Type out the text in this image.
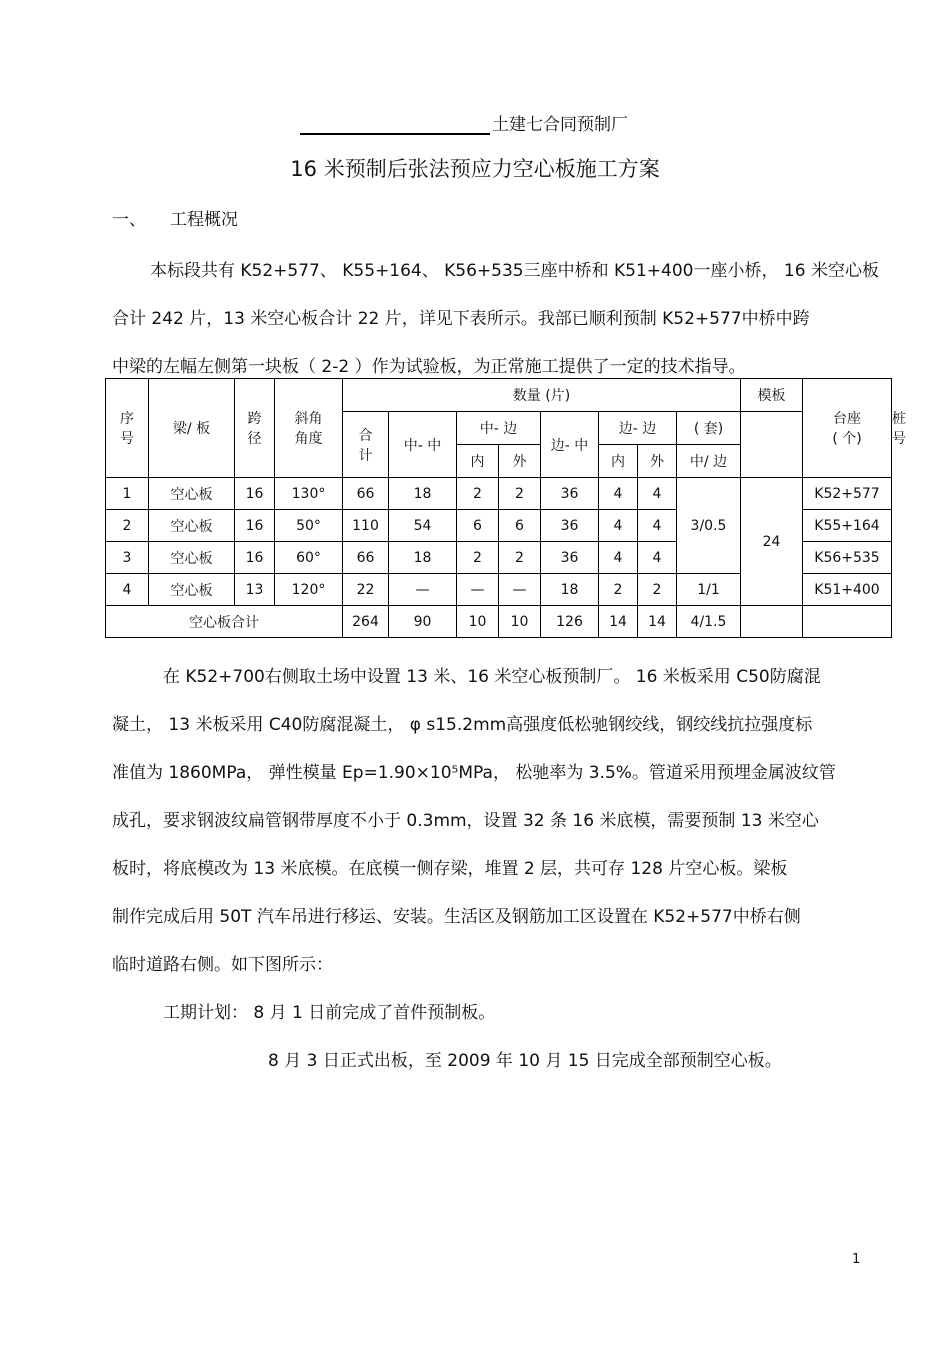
土建七合同预制厂
16 米预制后张法预应力空心板施工方案
一、 工程概况
本标段共有 K52+577、 K55+164、 K56+535三座中桥和 K51+400一座小桥， 16 米空心板
合计 242 片，13 米空心板合计 22 片，详见下表所示。我部已顺利预制 K52+577中桥中跨
中梁的左幅左侧第一块板（ 2-2 ）作为试验板，为正常施工提供了一定的技术指导。
序号	梁/ 板	跨径	斜角角度	数量 (片)								模板	台座
( 个)	桩号
				合计	中- 中	中- 边		边- 中	边- 边		( 套)			
						内	外		内	外	中/ 边			
1	空心板	16	130°	66	18	2	2	36	4	4	3/0.5	24	K52+577	
2	空心板	16	50°	110	54	6	6	36	4	4			K55+164	
3	空心板	16	60°	66	18	2	2	36	4	4			K56+535	
4	空心板	13	120°	22	—	—	—	18	2	2	1/1		K51+400	
空心板合计				264	90	10	10	126	14	14	4/1.5			
在 K52+700右侧取土场中设置 13 米、16 米空心板预制厂。 16 米板采用 C50防腐混
凝土， 13 米板采用 C40防腐混凝土， φ s15.2mm高强度低松驰钢绞线，钢绞线抗拉强度标
准值为 1860MPa， 弹性模量 Ep=1.90×10⁵MPa， 松驰率为 3.5%。管道采用预埋金属波纹管
成孔，要求钢波纹扁管钢带厚度不小于 0.3mm，设置 32 条 16 米底模，需要预制 13 米空心
板时，将底模改为 13 米底模。在底模一侧存梁，堆置 2 层，共可存 128 片空心板。梁板
制作完成后用 50T 汽车吊进行移运、安装。生活区及钢筋加工区设置在 K52+577中桥右侧
临时道路右侧。如下图所示：
工期计划： 8 月 1 日前完成了首件预制板。
8 月 3 日正式出板，至 2009 年 10 月 15 日完成全部预制空心板。
1
